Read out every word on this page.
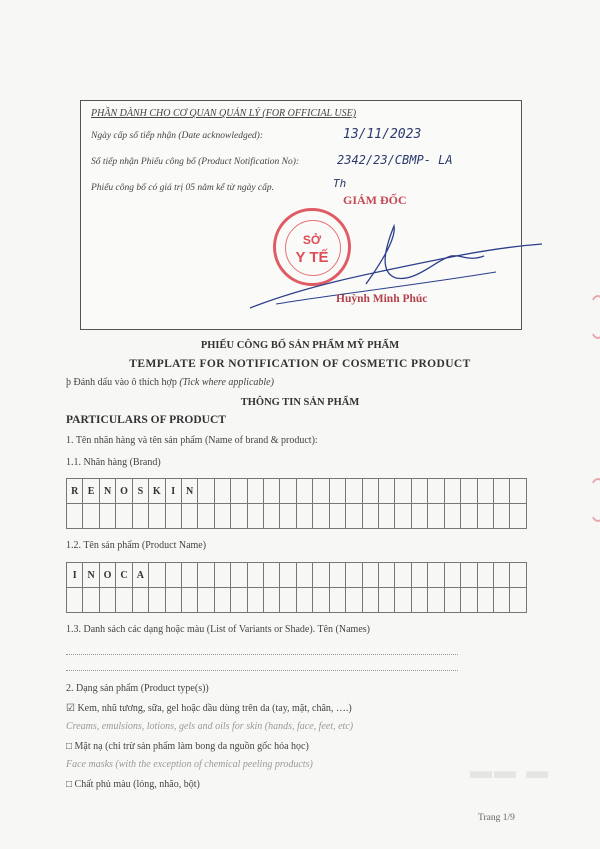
▬▬ ▬
PHẦN DÀNH CHO CƠ QUAN QUẢN LÝ (FOR OFFICIAL USE)
Ngày cấp số tiếp nhận (Date acknowledged):	13/11/2023
Số tiếp nhận Phiếu công bố (Product Notification No):	2342/23/CBMP- LA
Phiếu công bố có giá trị 05 năm kể từ ngày cấp.	Th
GIÁM ĐỐC
SỞ
Y TẾ
Huỳnh Minh Phúc
PHIẾU CÔNG BỐ SẢN PHẨM MỸ PHẨM
TEMPLATE FOR NOTIFICATION OF COSMETIC PRODUCT
þ Đánh dấu vào ô thích hợp (Tick where applicable)
THÔNG TIN SẢN PHẨM
PARTICULARS OF PRODUCT
1. Tên nhãn hàng và tên sản phẩm (Name of brand & product):
1.1. Nhãn hàng (Brand)
R E N O S K	I	N
1.2. Tên sản phẩm (Product Name)
I	N O C A
1.3. Danh sách các dạng hoặc màu (List of Variants or Shade). Tên (Names)
2. Dạng sản phẩm (Product type(s))
☑ Kem, nhũ tương, sữa, gel hoặc dầu dùng trên da (tay, mặt, chân, ….)
Creams, emulsions, lotions, gels and oils for skin (hands, face, feet, etc)
□ Mặt nạ (chỉ trừ sản phẩm làm bong da nguồn gốc hóa học)
Face masks (with the exception of chemical peeling products)
□ Chất phủ màu (lỏng, nhão, bột)
Trang 1/9
